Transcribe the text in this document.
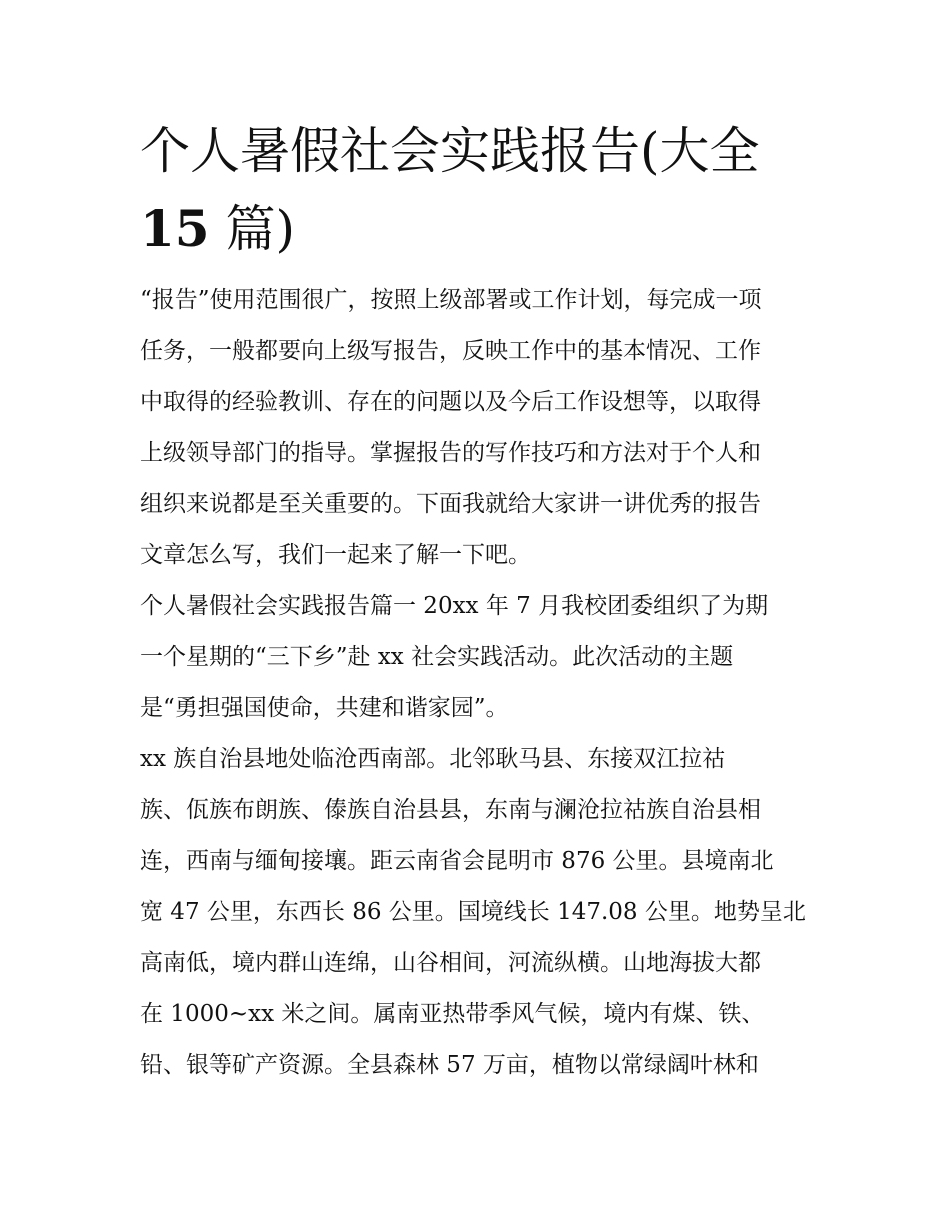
个人暑假社会实践报告(大全
15 篇)
“报告”使用范围很广，按照上级部署或工作计划，每完成一项
任务，一般都要向上级写报告，反映工作中的基本情况、工作
中取得的经验教训、存在的问题以及今后工作设想等，以取得
上级领导部门的指导。掌握报告的写作技巧和方法对于个人和
组织来说都是至关重要的。下面我就给大家讲一讲优秀的报告
文章怎么写，我们一起来了解一下吧。
个人暑假社会实践报告篇一 20xx 年 7 月我校团委组织了为期
一个星期的“三下乡”赴 xx 社会实践活动。此次活动的主题
是“勇担强国使命，共建和谐家园”。
xx 族自治县地处临沧西南部。北邻耿马县、东接双江拉祜
族、佤族布朗族、傣族自治县县，东南与澜沧拉祜族自治县相
连，西南与缅甸接壤。距云南省会昆明市 876 公里。县境南北
宽 47 公里，东西长 86 公里。国境线长 147.08 公里。地势呈北
高南低，境内群山连绵，山谷相间，河流纵横。山地海拔大都
在 1000~xx 米之间。属南亚热带季风气候，境内有煤、铁、
铅、银等矿产资源。全县森林 57 万亩，植物以常绿阔叶林和
